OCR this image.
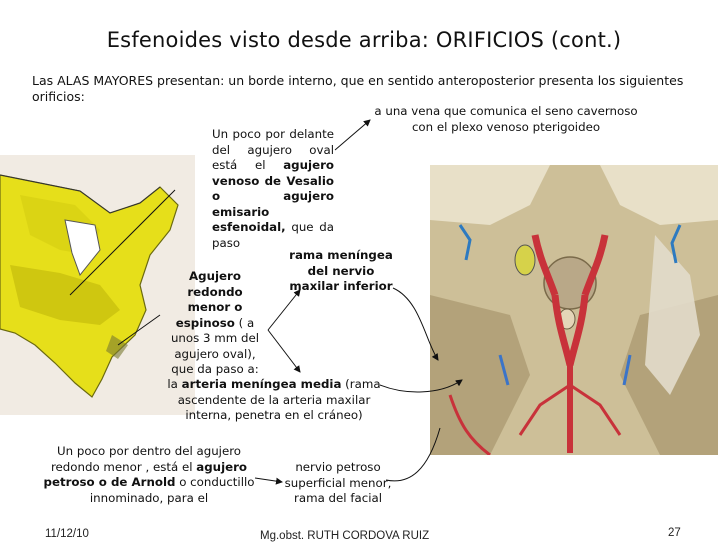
Esfenoides visto desde arriba: ORIFICIOS (cont.)
Las ALAS MAYORES presentan: un borde interno, que en sentido anteroposterior presenta los siguientes orificios:
a una vena que comunica el seno cavernoso con el plexo venoso pterigoideo
Un poco por delante del agujero oval está el agujero venoso de Vesalio o agujero emisario esfenoidal, que da paso
Agujero redondo menor o espinoso ( a unos 3 mm del agujero oval), que da paso a:
rama meníngea del nervio maxilar inferior
la arteria meníngea media (rama ascendente de la arteria maxilar interna, penetra en el cráneo)
Un poco por dentro del agujero redondo menor , está el agujero petroso o de Arnold o conductillo innominado, para el
nervio petroso superficial menor, rama del facial
11/12/10	Mg.obst. RUTH CORDOVA RUIZ	27
